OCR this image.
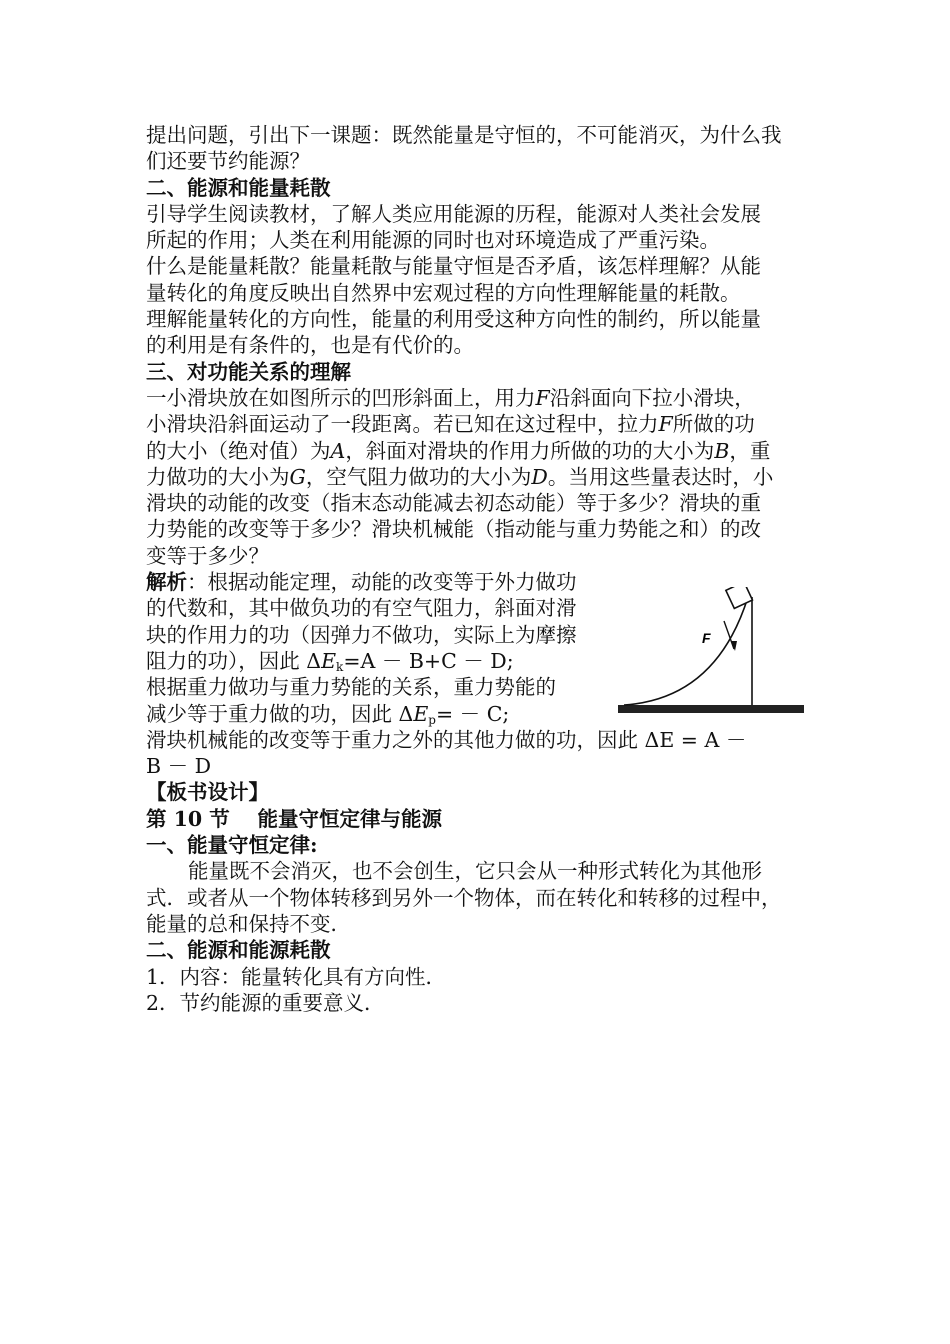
提出问题，引出下一课题：既然能量是守恒的，不可能消灭，为什么我
们还要节约能源？
二、能源和能量耗散
引导学生阅读教材，了解人类应用能源的历程，能源对人类社会发展
所起的作用；人类在利用能源的同时也对环境造成了严重污染。
什么是能量耗散？能量耗散与能量守恒是否矛盾，该怎样理解？从能
量转化的角度反映出自然界中宏观过程的方向性理解能量的耗散。
理解能量转化的方向性，能量的利用受这种方向性的制约，所以能量
的利用是有条件的，也是有代价的。
三、对功能关系的理解
一小滑块放在如图所示的凹形斜面上，用力F沿斜面向下拉小滑块，
小滑块沿斜面运动了一段距离。若已知在这过程中，拉力F所做的功
的大小（绝对值）为A，斜面对滑块的作用力所做的功的大小为B，重
力做功的大小为G，空气阻力做功的大小为D。当用这些量表达时，小
滑块的动能的改变（指末态动能减去初态动能）等于多少？滑块的重
力势能的改变等于多少？滑块机械能（指动能与重力势能之和）的改
变等于多少？
解析：根据动能定理，动能的改变等于外力做功
的代数和，其中做负功的有空气阻力，斜面对滑
块的作用力的功（因弹力不做功，实际上为摩擦
阻力的功），因此 $\Delta E_k=A - B+C - D$;
根据重力做功与重力势能的关系，重力势能的
减少等于重力做的功，因此 $\Delta E_p= - C$;
滑块机械能的改变等于重力之外的其他力做的功，因此 ΔE = A －
B － D
F
【板书设计】
第 10 节　 能量守恒定律与能源
一、能量守恒定律:
能量既不会消灭，也不会创生，它只会从一种形式转化为其他形
式．或者从一个物体转移到另外一个物体，而在转化和转移的过程中，
能量的总和保持不变．
二、能源和能源耗散
1．内容：能量转化具有方向性．
2．节约能源的重要意义．
